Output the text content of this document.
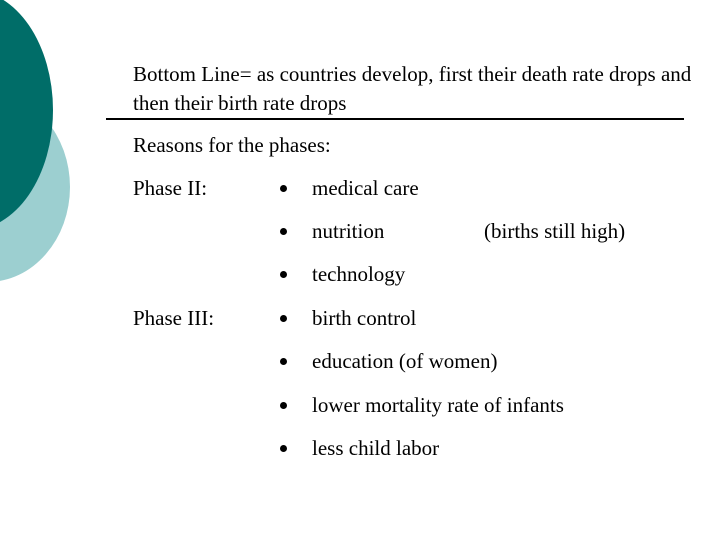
Bottom Line= as countries develop, first their death rate drops and then their birth rate drops

Reasons for the phases:
Phase II:	medical care
nutrition	(births still high)
technology
Phase III:	birth control
education (of women)
lower mortality rate of infants
less child labor
